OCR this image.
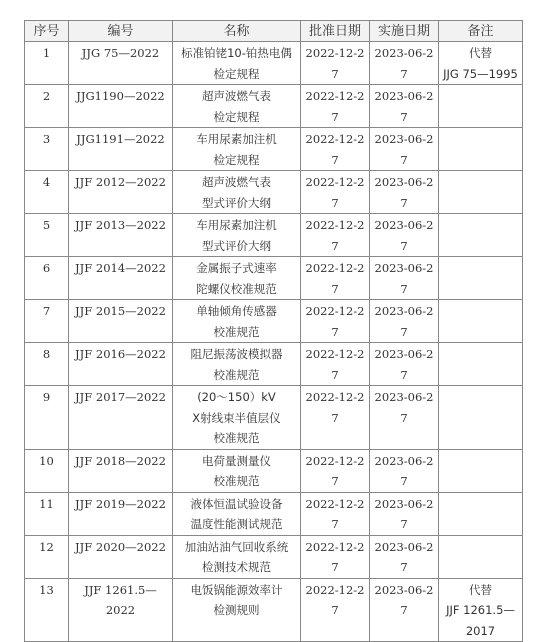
序号	编号	名称	批准日期	实施日期	备注
1	JJG 75—2022	标准铂铑10-铂热电偶
检定规程	2022-12-27	2023-06-27	代替
JJG 75—1995

2	JJG1190—2022	超声波燃气表
检定规程	2022-12-27	2023-06-27	
3	JJG1191—2022	车用尿素加注机
检定规程	2022-12-27	2023-06-27	
4	JJF 2012—2022	超声波燃气表
型式评价大纲	2022-12-27	2023-06-27	
5	JJF 2013—2022	车用尿素加注机
型式评价大纲	2022-12-27	2023-06-27	
6	JJF 2014—2022	金属振子式速率
陀螺仪校准规范	2022-12-27	2023-06-27	
7	JJF 2015—2022	单轴倾角传感器
校准规范	2022-12-27	2023-06-27	
8	JJF 2016—2022	阻尼振荡波模拟器
校准规范	2022-12-27	2023-06-27	
9	JJF 2017—2022	(20～150）kV
X射线束半值层仪
校准规范	2022-12-27	2023-06-27	
10	JJF 2018—2022	电荷量测量仪
校准规范	2022-12-27	2023-06-27	
11	JJF 2019—2022	液体恒温试验设备
温度性能测试规范	2022-12-27	2023-06-27	
12	JJF 2020—2022	加油站油气回收系统
检测技术规范	2022-12-27	2023-06-27	
13	JJF 1261.5—
2022	电饭锅能源效率计
检测规则	2022-12-27	2023-06-27	代替
JJF 1261.5—
2017
